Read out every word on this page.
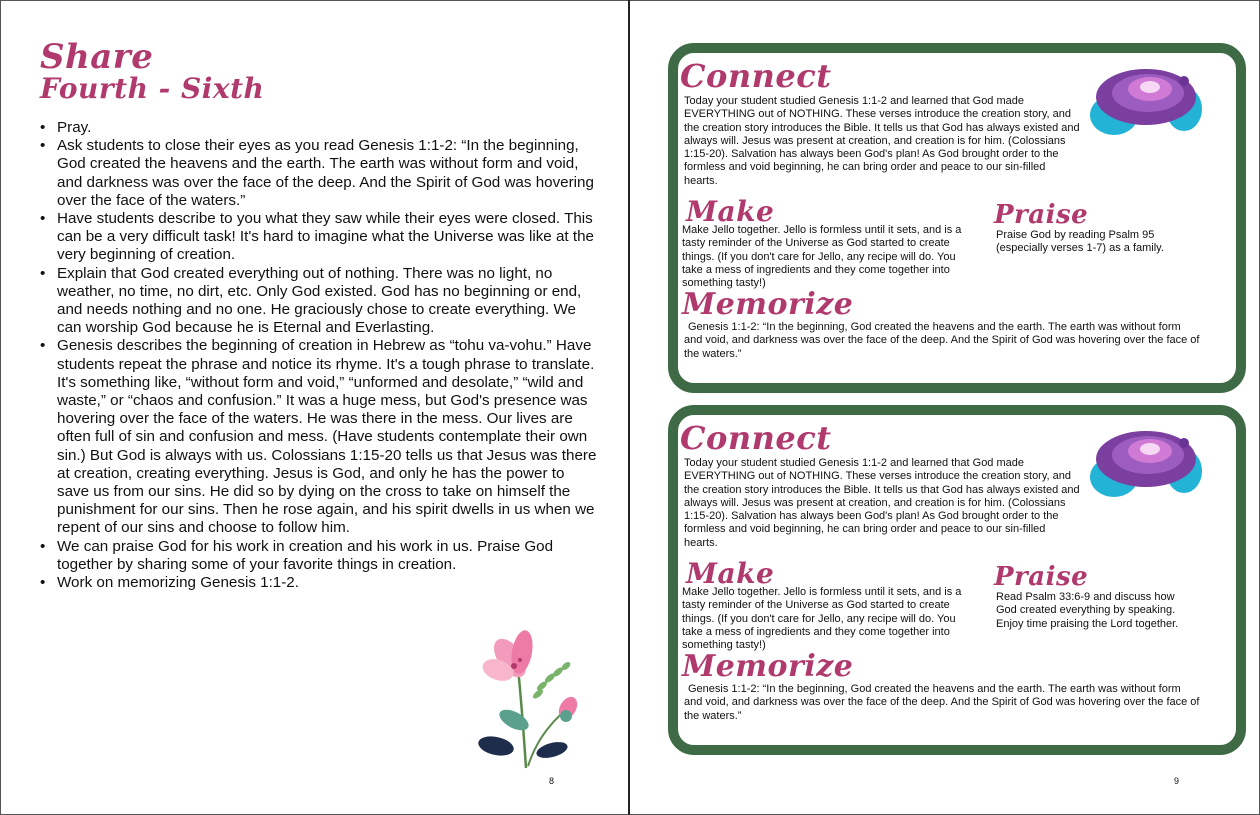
Share
Fourth - Sixth
• Pray.
• Ask students to close their eyes as you read Genesis 1:1-2: “In the beginning, God created the heavens and the earth. The earth was without form and void, and darkness was over the face of the deep. And the Spirit of God was hovering over the face of the waters.”
• Have students describe to you what they saw while their eyes were closed. This can be a very difficult task! It's hard to imagine what the Universe was like at the very beginning of creation.
• Explain that God created everything out of nothing. There was no light, no weather, no time, no dirt, etc. Only God existed. God has no beginning or end, and needs nothing and no one. He graciously chose to create everything. We can worship God because he is Eternal and Everlasting.
• Genesis describes the beginning of creation in Hebrew as “tohu va-vohu.” Have students repeat the phrase and notice its rhyme. It's a tough phrase to translate. It's something like, “without form and void,” “unformed and desolate,” “wild and waste,” or “chaos and confusion.” It was a huge mess, but God's presence was hovering over the face of the waters. He was there in the mess. Our lives are often full of sin and confusion and mess. (Have students contemplate their own sin.) But God is always with us. Colossians 1:15-20 tells us that Jesus was there at creation, creating everything. Jesus is God, and only he has the power to save us from our sins. He did so by dying on the cross to take on himself the punishment for our sins. Then he rose again, and his spirit dwells in us when we repent of our sins and choose to follow him.
• We can praise God for his work in creation and his work in us. Praise God together by sharing some of your favorite things in creation.
• Work on memorizing Genesis 1:1-2.
8
Connect
Today your student studied Genesis 1:1-2 and learned that God made EVERYTHING out of NOTHING. These verses introduce the creation story, and the creation story introduces the Bible. It tells us that God has always existed and always will. Jesus was present at creation, and creation is for him. (Colossians 1:15-20). Salvation has always been God's plan! As God brought order to the formless and void beginning, he can bring order and peace to our sin-filled hearts.
Make
Make Jello together. Jello is formless until it sets, and is a tasty reminder of the Universe as God started to create things. (If you don't care for Jello, any recipe will do. You take a mess of ingredients and they come together into something tasty!)
Praise
Praise God by reading Psalm 95 (especially verses 1-7) as a family.
Memorize
Genesis 1:1-2: “In the beginning, God created the heavens and the earth. The earth was without form and void, and darkness was over the face of the deep. And the Spirit of God was hovering over the face of the waters.”
Connect
Today your student studied Genesis 1:1-2 and learned that God made EVERYTHING out of NOTHING. These verses introduce the creation story, and the creation story introduces the Bible. It tells us that God has always existed and always will. Jesus was present at creation, and creation is for him. (Colossians 1:15-20). Salvation has always been God's plan! As God brought order to the formless and void beginning, he can bring order and peace to our sin-filled hearts.
Make
Make Jello together. Jello is formless until it sets, and is a tasty reminder of the Universe as God started to create things. (If you don't care for Jello, any recipe will do. You take a mess of ingredients and they come together into something tasty!)
Praise
Read Psalm 33:6-9 and discuss how God created everything by speaking. Enjoy time praising the Lord together.
Memorize
Genesis 1:1-2: “In the beginning, God created the heavens and the earth. The earth was without form and void, and darkness was over the face of the deep. And the Spirit of God was hovering over the face of the waters.”
9
